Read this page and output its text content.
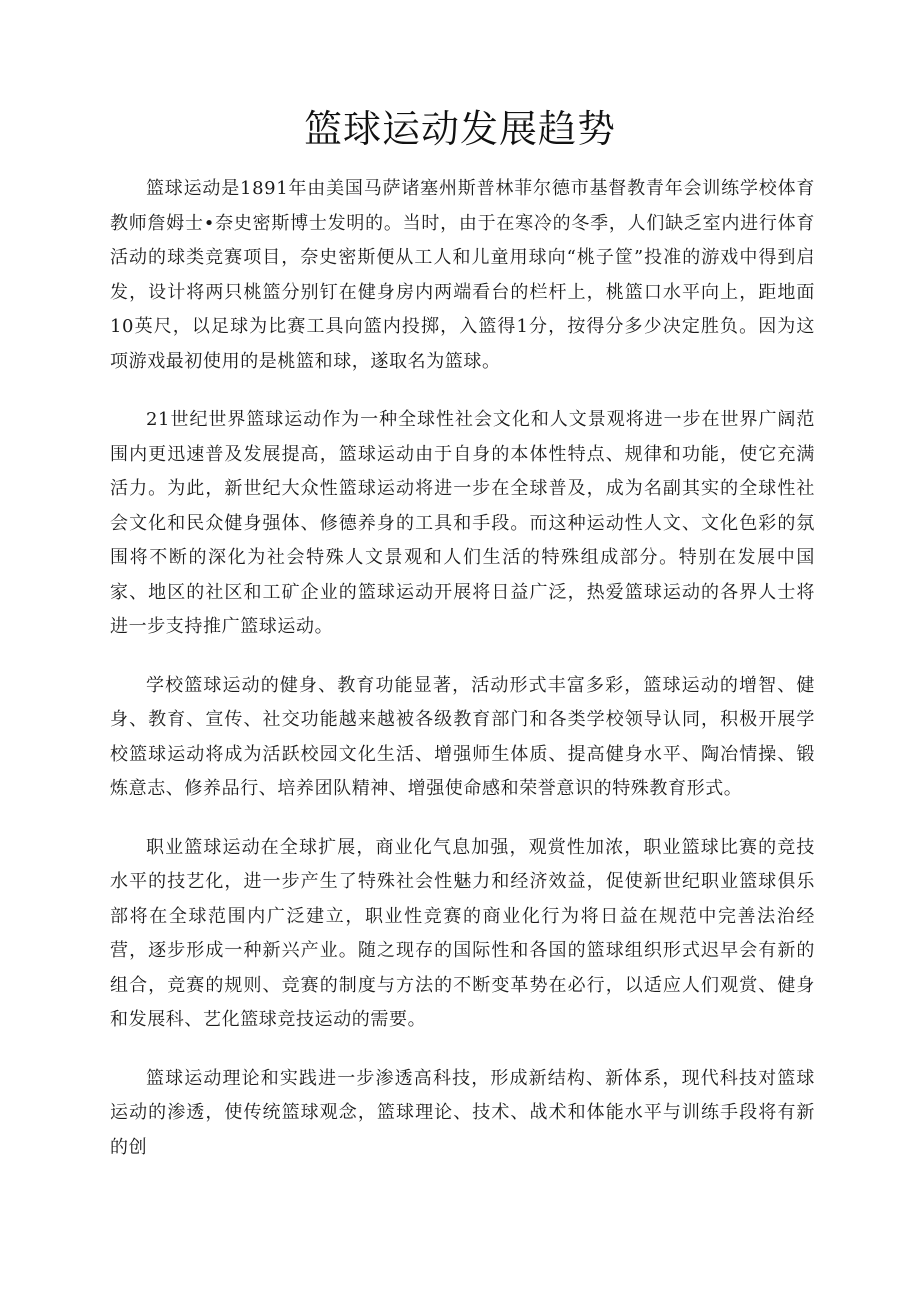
篮球运动发展趋势

篮球运动是1891年由美国马萨诸塞州斯普林菲尔德市基督教青年会训练学校体育教师詹姆士•奈史密斯博士发明的。当时，由于在寒冷的冬季，人们缺乏室内进行体育活动的球类竞赛项目，奈史密斯便从工人和儿童用球向“桃子筐”投准的游戏中得到启发，设计将两只桃篮分别钉在健身房内两端看台的栏杆上，桃篮口水平向上，距地面10英尺，以足球为比赛工具向篮内投掷，入篮得1分，按得分多少决定胜负。因为这项游戏最初使用的是桃篮和球，遂取名为篮球。

21世纪世界篮球运动作为一种全球性社会文化和人文景观将进一步在世界广阔范围内更迅速普及发展提高，篮球运动由于自身的本体性特点、规律和功能，使它充满活力。为此，新世纪大众性篮球运动将进一步在全球普及，成为名副其实的全球性社会文化和民众健身强体、修德养身的工具和手段。而这种运动性人文、文化色彩的氛围将不断的深化为社会特殊人文景观和人们生活的特殊组成部分。特别在发展中国家、地区的社区和工矿企业的篮球运动开展将日益广泛，热爱篮球运动的各界人士将进一步支持推广篮球运动。

学校篮球运动的健身、教育功能显著，活动形式丰富多彩，篮球运动的增智、健身、教育、宣传、社交功能越来越被各级教育部门和各类学校领导认同，积极开展学校篮球运动将成为活跃校园文化生活、增强师生体质、提高健身水平、陶冶情操、锻炼意志、修养品行、培养团队精神、增强使命感和荣誉意识的特殊教育形式。

职业篮球运动在全球扩展，商业化气息加强，观赏性加浓，职业篮球比赛的竞技水平的技艺化，进一步产生了特殊社会性魅力和经济效益，促使新世纪职业篮球俱乐部将在全球范围内广泛建立，职业性竞赛的商业化行为将日益在规范中完善法治经营，逐步形成一种新兴产业。随之现存的国际性和各国的篮球组织形式迟早会有新的组合，竞赛的规则、竞赛的制度与方法的不断变革势在必行，以适应人们观赏、健身和发展科、艺化篮球竞技运动的需要。

篮球运动理论和实践进一步渗透高科技，形成新结构、新体系，现代科技对篮球运动的渗透，使传统篮球观念，篮球理论、技术、战术和体能水平与训练手段将有新的创
